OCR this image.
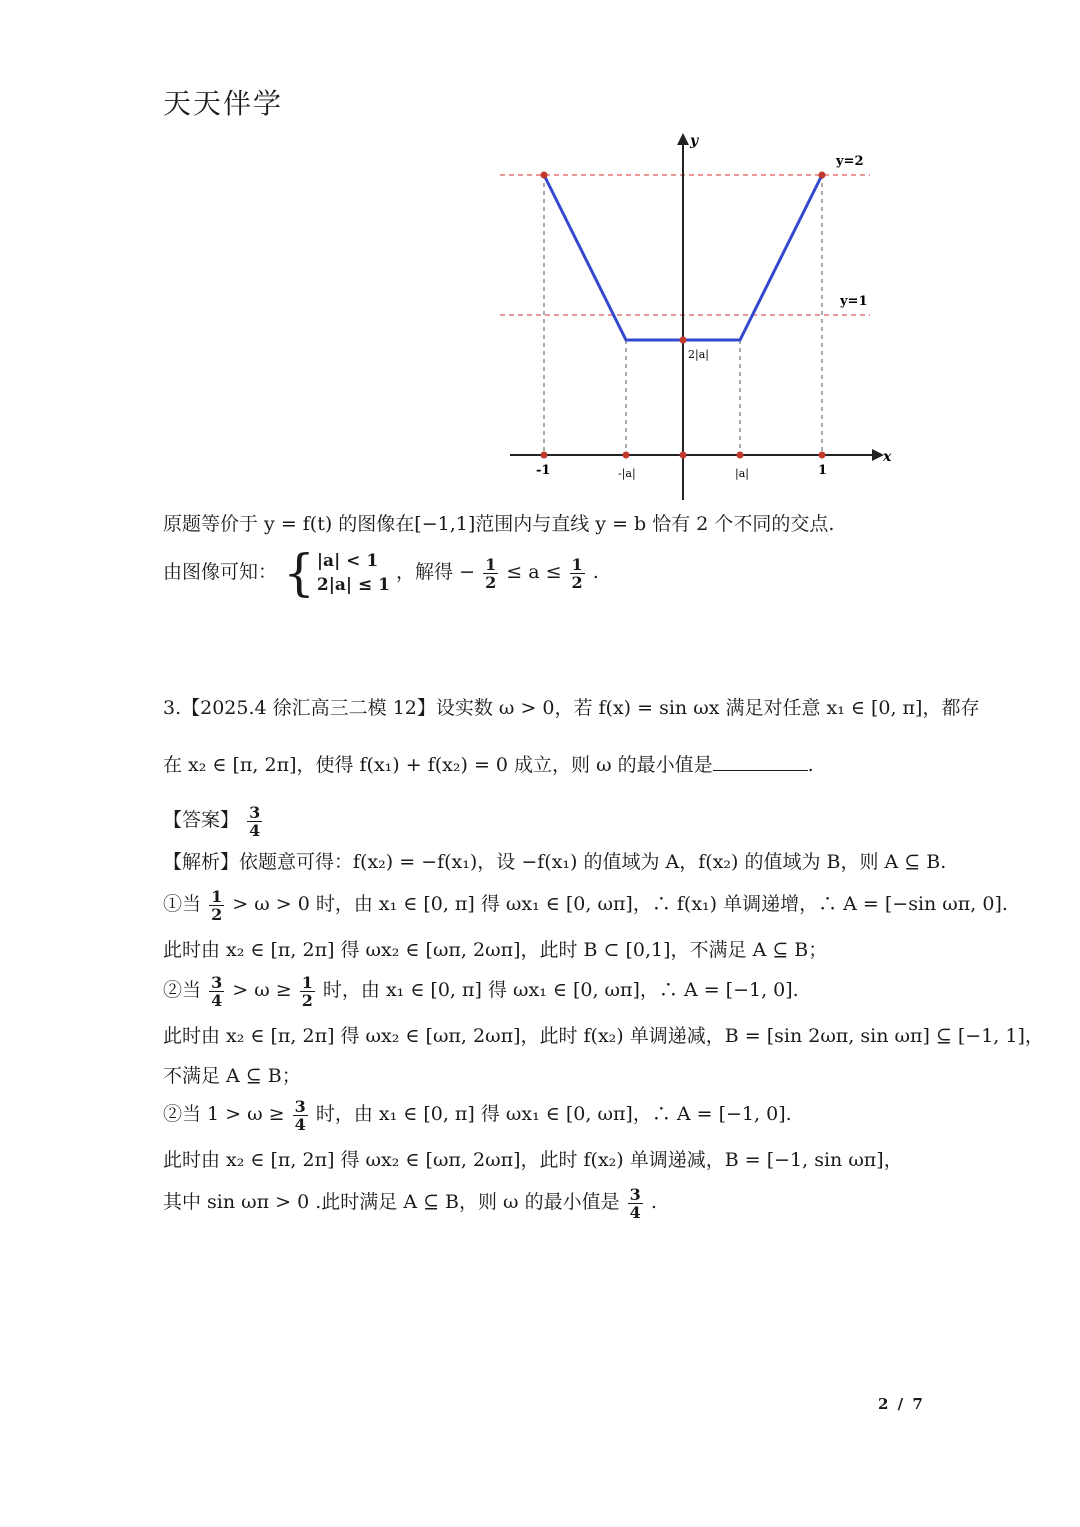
天天伴学
y
x
y=2
y=1
2|a|
-1	-|a|	|a|	1
原题等价于 y = f(t) 的图像在[−1,1]范围内与直线 y = b 恰有 2 个不同的交点.
由图像可知： { |a| < 1
2|a| ≤ 1
，解得 − $\frac{1}{2} \le a \le \frac{1}{2}$ .
3.【2025.4 徐汇高三二模 12】设实数 ω > 0，若 f(x) = sin ωx 满足对任意 x₁ ∈ [0, π]，都存
在 x₂ ∈ [π, 2π]，使得 f(x₁) + f(x₂) = 0 成立，则 ω 的最小值是	.
【答案】 $\frac{3}{4}$
【解析】依题意可得：f(x₂) = −f(x₁)，设 −f(x₁) 的值域为 A，f(x₂) 的值域为 B，则 A ⊆ B.
①当 $\frac{1}{2} > \omega > 0$ 时，由 x₁ ∈ [0, π] 得 ωx₁ ∈ [0, ωπ]，∴ f(x₁) 单调递增，∴ A = [−sin ωπ, 0].
此时由 x₂ ∈ [π, 2π] 得 ωx₂ ∈ [ωπ, 2ωπ]，此时 B ⊂ [0,1]，不满足 A ⊆ B；
②当 $\frac{3}{4} > \omega \ge \frac{1}{2}$ 时，由 x₁ ∈ [0, π] 得 ωx₁ ∈ [0, ωπ]，∴ A = [−1, 0].
此时由 x₂ ∈ [π, 2π] 得 ωx₂ ∈ [ωπ, 2ωπ]，此时 f(x₂) 单调递减，B = [sin 2ωπ, sin ωπ] ⊆ [−1, 1]，
不满足 A ⊆ B；
②当 $1 > \omega \ge \frac{3}{4}$ 时，由 x₁ ∈ [0, π] 得 ωx₁ ∈ [0, ωπ]，∴ A = [−1, 0].
此时由 x₂ ∈ [π, 2π] 得 ωx₂ ∈ [ωπ, 2ωπ]，此时 f(x₂) 单调递减，B = [−1, sin ωπ]，
其中 sin ωπ > 0 .此时满足 A ⊆ B，则 ω 的最小值是 $\frac{3}{4}$ .
2 / 7
